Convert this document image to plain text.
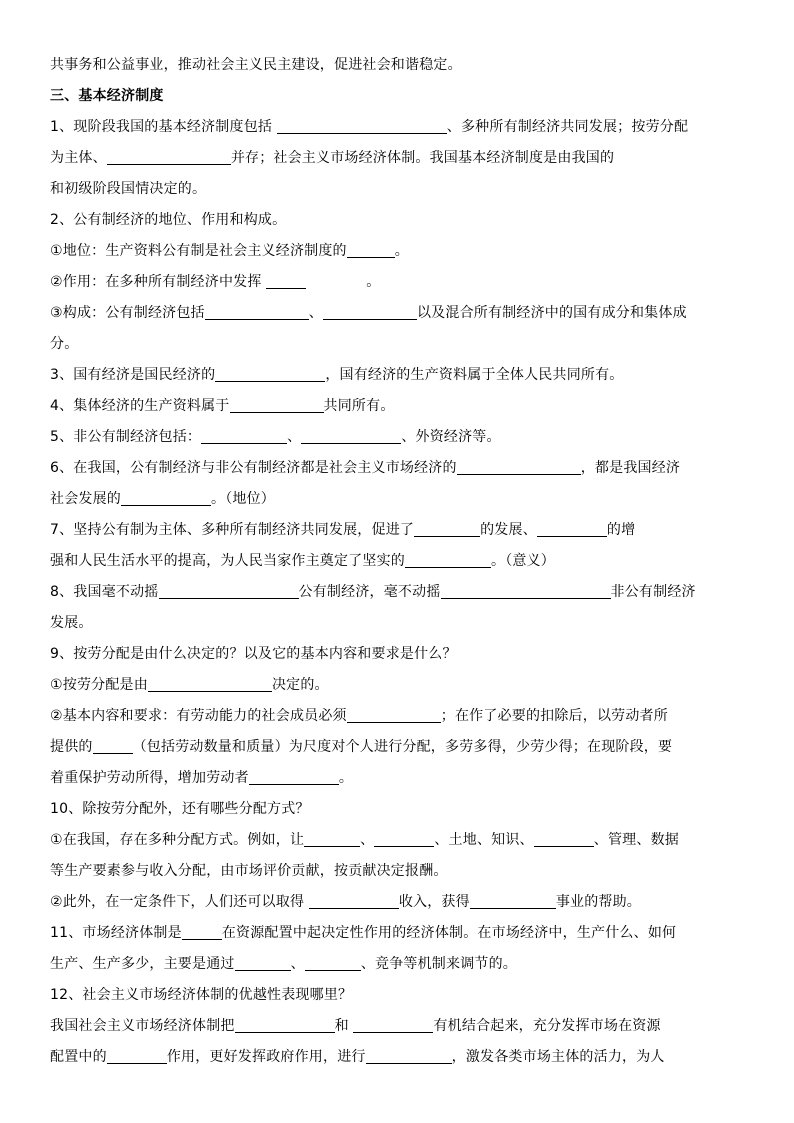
共事务和公益事业，推动社会主义民主建设，促进社会和谐稳定。
三、基本经济制度
1、现阶段我国的基本经济制度包括	、多种所有制经济共同发展；按劳分配
为主体、	并存；社会主义市场经济体制。我国基本经济制度是由我国的
和初级阶段国情决定的。
2、公有制经济的地位、作用和构成。
①地位：生产资料公有制是社会主义经济制度的	。
②作用：在多种所有制经济中发挥	。
③构成：公有制经济包括	、	以及混合所有制经济中的国有成分和集体成
分。
3、国有经济是国民经济的	，国有经济的生产资料属于全体人民共同所有。
4、集体经济的生产资料属于	共同所有。
5、非公有制经济包括：	、	、外资经济等。
6、在我国，公有制经济与非公有制经济都是社会主义市场经济的	，都是我国经济
社会发展的	。（地位）
7、坚持公有制为主体、多种所有制经济共同发展，促进了	的发展、	的增
强和人民生活水平的提高，为人民当家作主奠定了坚实的	。（意义）
8、我国毫不动摇	公有制经济，毫不动摇	非公有制经济
发展。
9、按劳分配是由什么决定的？以及它的基本内容和要求是什么？
①按劳分配是由	决定的。
②基本内容和要求：有劳动能力的社会成员必须	；在作了必要的扣除后，以劳动者所
提供的	（包括劳动数量和质量）为尺度对个人进行分配，多劳多得，少劳少得；在现阶段，要
着重保护劳动所得，增加劳动者	。
10、除按劳分配外，还有哪些分配方式？
①在我国，存在多种分配方式。例如，让	、	、土地、知识、	、管理、数据
等生产要素参与收入分配，由市场评价贡献，按贡献决定报酬。
②此外，在一定条件下，人们还可以取得	收入，获得	事业的帮助。
11、市场经济体制是	在资源配置中起决定性作用的经济体制。在市场经济中，生产什么、如何
生产、生产多少，主要是通过	、	、竞争等机制来调节的。
12、社会主义市场经济体制的优越性表现哪里？
我国社会主义市场经济体制把	和	有机结合起来，充分发挥市场在资源
配置中的	作用，更好发挥政府作用，进行	，激发各类市场主体的活力，为人
